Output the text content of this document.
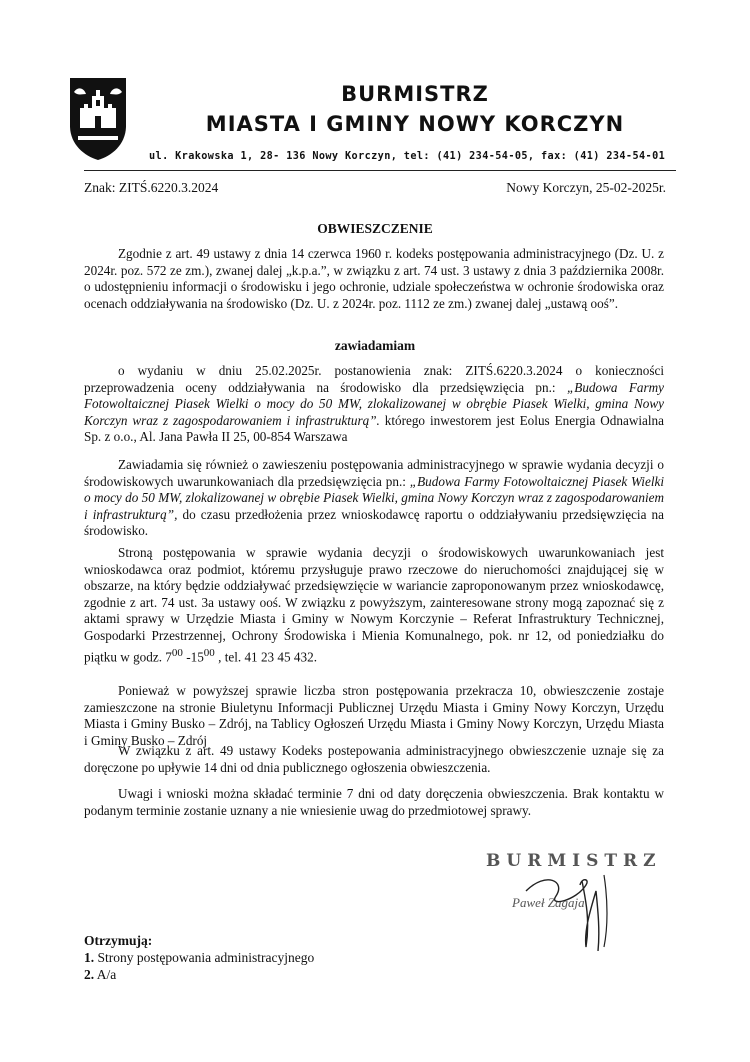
BURMISTRZ
MIASTA I GMINY NOWY KORCZYN
ul. Krakowska 1, 28- 136 Nowy Korczyn, tel: (41) 234-54-05, fax: (41) 234-54-01
Znak: ZITŚ.6220.3.2024	Nowy Korczyn, 25-02-2025r.
OBWIESZCZENIE

Zgodnie z art. 49 ustawy z dnia 14 czerwca 1960 r. kodeks postępowania administracyjnego (Dz. U. z 2024r. poz. 572 ze zm.), zwanej dalej „k.p.a.”, w związku z art. 74 ust. 3 ustawy z dnia 3 października 2008r. o udostępnieniu informacji o środowisku i jego ochronie, udziale społeczeństwa w ochronie środowiska oraz ocenach oddziaływania na środowisko (Dz. U. z 2024r. poz. 1112 ze zm.) zwanej dalej „ustawą ooś”.

zawiadamiam

o wydaniu w dniu 25.02.2025r. postanowienia znak: ZITŚ.6220.3.2024 o konieczności przeprowadzenia oceny oddziaływania na środowisko dla przedsięwzięcia pn.: „Budowa Farmy Fotowoltaicznej Piasek Wielki o mocy do 50 MW, zlokalizowanej w obrębie Piasek Wielki, gmina Nowy Korczyn wraz z zagospodarowaniem i infrastrukturą”. którego inwestorem jest Eolus Energia Odnawialna Sp. z o.o., Al. Jana Pawła II 25, 00-854 Warszawa

Zawiadamia się również o zawieszeniu postępowania administracyjnego w sprawie wydania decyzji o środowiskowych uwarunkowaniach dla przedsięwzięcia pn.: „Budowa Farmy Fotowoltaicznej Piasek Wielki o mocy do 50 MW, zlokalizowanej w obrębie Piasek Wielki, gmina Nowy Korczyn wraz z zagospodarowaniem i infrastrukturą”, do czasu przedłożenia przez wnioskodawcę raportu o oddziaływaniu przedsięwzięcia na środowisko.

Stroną postępowania w sprawie wydania decyzji o środowiskowych uwarunkowaniach jest wnioskodawca oraz podmiot, któremu przysługuje prawo rzeczowe do nieruchomości znajdującej się w obszarze, na który będzie oddziaływać przedsięwzięcie w wariancie zaproponowanym przez wnioskodawcę, zgodnie z art. 74 ust. 3a ustawy ooś. W związku z powyższym, zainteresowane strony mogą zapoznać się z aktami sprawy w Urzędzie Miasta i Gminy w Nowym Korczynie – Referat Infrastruktury Technicznej, Gospodarki Przestrzennej, Ochrony Środowiska i Mienia Komunalnego, pok. nr 12, od poniedziałku do piątku w godz. $7^{00}$ $-15^{00}$ , tel. 41 23 45 432.

Ponieważ w powyższej sprawie liczba stron postępowania przekracza 10, obwieszczenie zostaje zamieszczone na stronie Biuletynu Informacji Publicznej Urzędu Miasta i Gminy Nowy Korczyn, Urzędu Miasta i Gminy Busko – Zdrój, na Tablicy Ogłoszeń Urzędu Miasta i Gminy Nowy Korczyn, Urzędu Miasta i Gminy Busko – Zdrój

W związku z art. 49 ustawy Kodeks postepowania administracyjnego obwieszczenie uznaje się za doręczone po upływie 14 dni od dnia publicznego ogłoszenia obwieszczenia.

Uwagi i wnioski można składać terminie 7 dni od daty doręczenia obwieszczenia. Brak kontaktu w podanym terminie zostanie uznany a nie wniesienie uwag do przedmiotowej sprawy.

BURMISTRZ
Paweł Zagaja
Otrzymują:
1. Strony postępowania administracyjnego
2. A/a
